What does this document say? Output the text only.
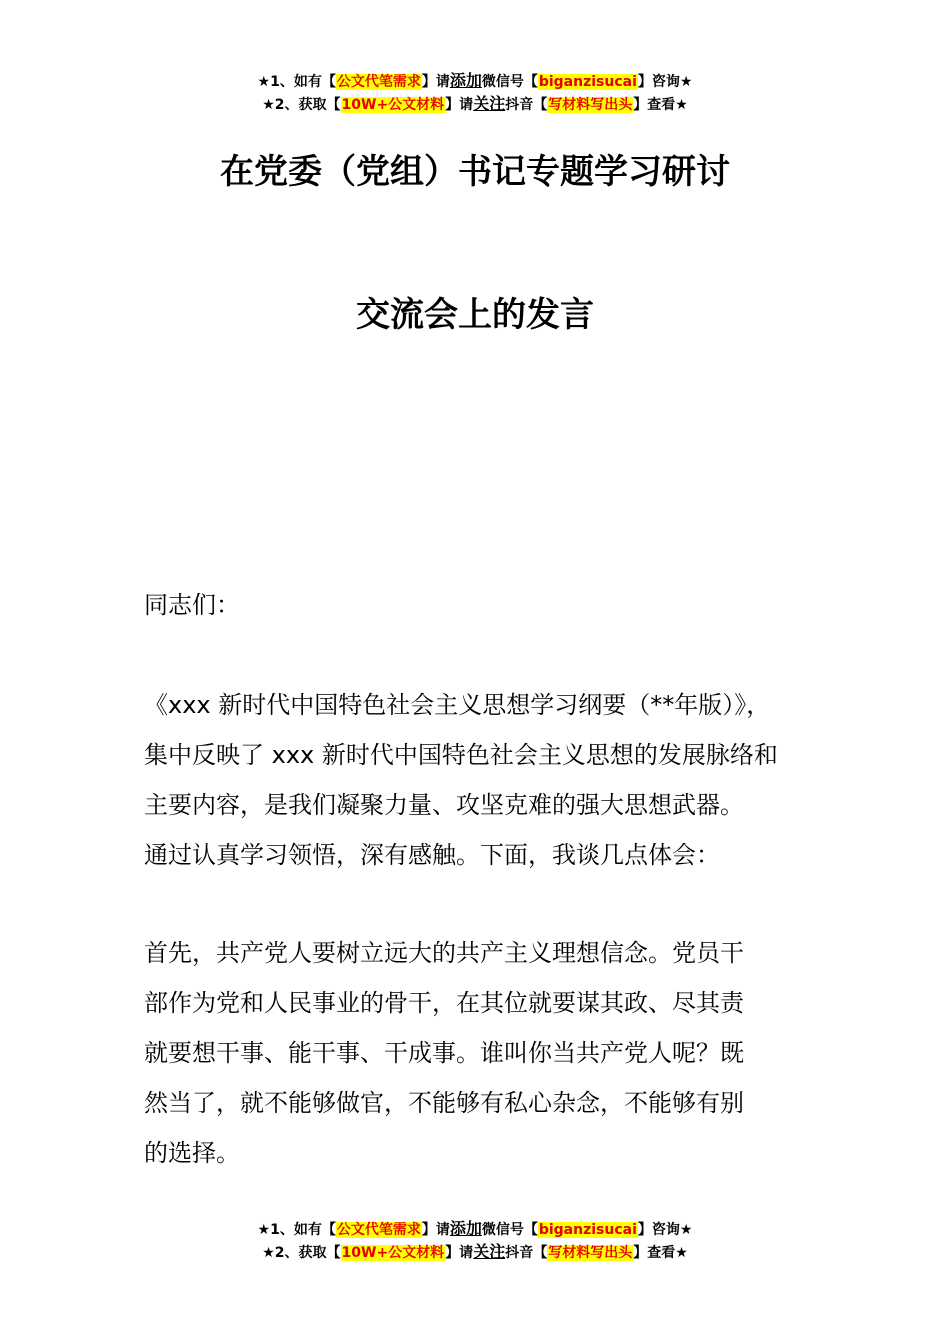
★1、如有【公文代笔需求】请添加微信号【biganzisucai】咨询★
★2、获取【10W+公文材料】请关注抖音【写材料写出头】查看★
在党委（党组）书记专题学习研讨
交流会上的发言

同志们：

《xxx 新时代中国特色社会主义思想学习纲要（**年版）》，

集中反映了 xxx 新时代中国特色社会主义思想的发展脉络和

主要内容，是我们凝聚力量、攻坚克难的强大思想武器。

通过认真学习领悟，深有感触。下面，我谈几点体会：

首先，共产党人要树立远大的共产主义理想信念。党员干

部作为党和人民事业的骨干，在其位就要谋其政、尽其责

就要想干事、能干事、干成事。谁叫你当共产党人呢？既

然当了，就不能够做官，不能够有私心杂念，不能够有别

的选择。

★1、如有【公文代笔需求】请添加微信号【biganzisucai】咨询★
★2、获取【10W+公文材料】请关注抖音【写材料写出头】查看★
